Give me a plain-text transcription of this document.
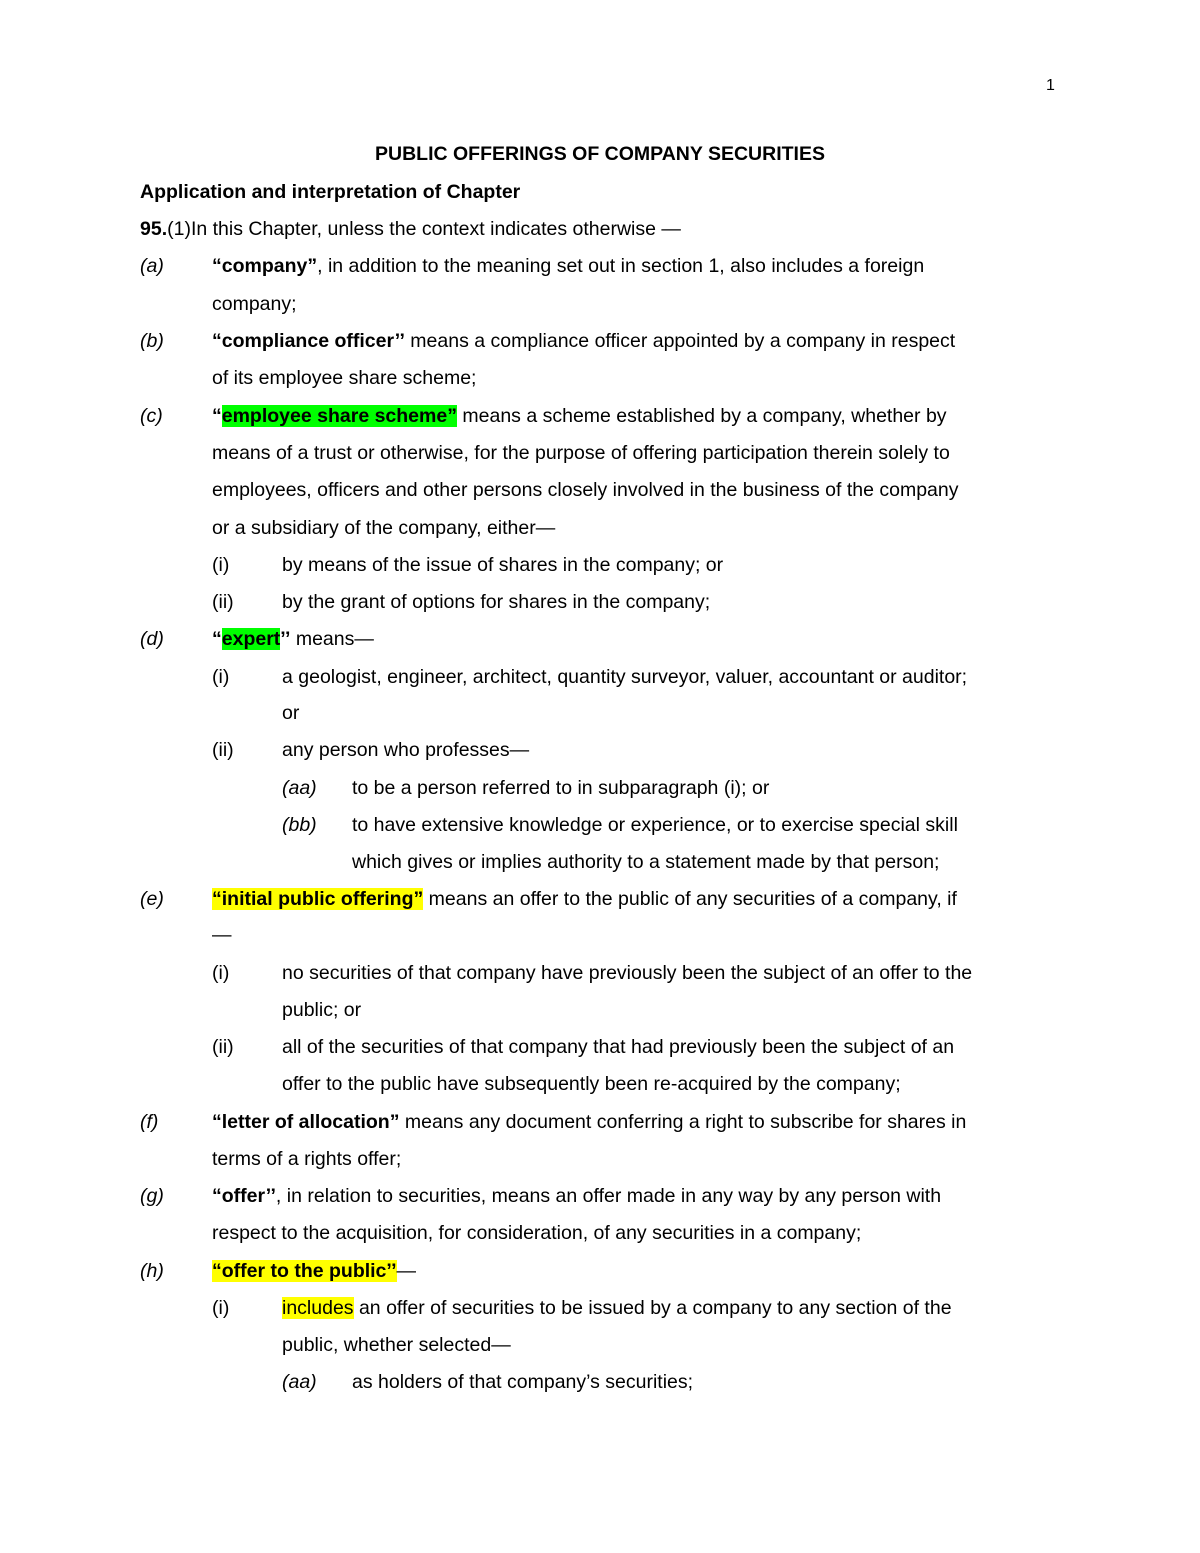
1
PUBLIC OFFERINGS OF COMPANY SECURITIES
Application and interpretation of Chapter
95.(1)In this Chapter, unless the context indicates otherwise —
(a) “company”, in addition to the meaning set out in section 1, also includes a foreign
company;
(b) “compliance officer’’ means a compliance officer appointed by a company in respect
of its employee share scheme;
(c)	“employee share scheme” means a scheme established by a company, whether by
means of a trust or otherwise, for the purpose of offering participation therein solely to
employees, officers and other persons closely involved in the business of the company
or a subsidiary of the company, either—
(i)	by means of the issue of shares in the company; or
(ii) by the grant of options for shares in the company;
(d) “expert’’ means—
(i)	a geologist, engineer, architect, quantity surveyor, valuer, accountant or auditor;
or
(ii) any person who professes—
(aa) to be a person referred to in subparagraph (i); or
(bb) to have extensive knowledge or experience, or to exercise special skill
which gives or implies authority to a statement made by that person;
(e) “initial public offering” means an offer to the public of any securities of a company, if
—
(i)	no securities of that company have previously been the subject of an offer to the
public; or
(ii) all of the securities of that company that had previously been the subject of an
offer to the public have subsequently been re-acquired by the company;
(f)	“letter of allocation” means any document conferring a right to subscribe for shares in
terms of a rights offer;
(g) “offer’’, in relation to securities, means an offer made in any way by any person with
respect to the acquisition, for consideration, of any securities in a company;
(h) “offer to the public’’—
(i)	includes an offer of securities to be issued by a company to any section of the
public, whether selected—
(aa) as holders of that company’s securities;
